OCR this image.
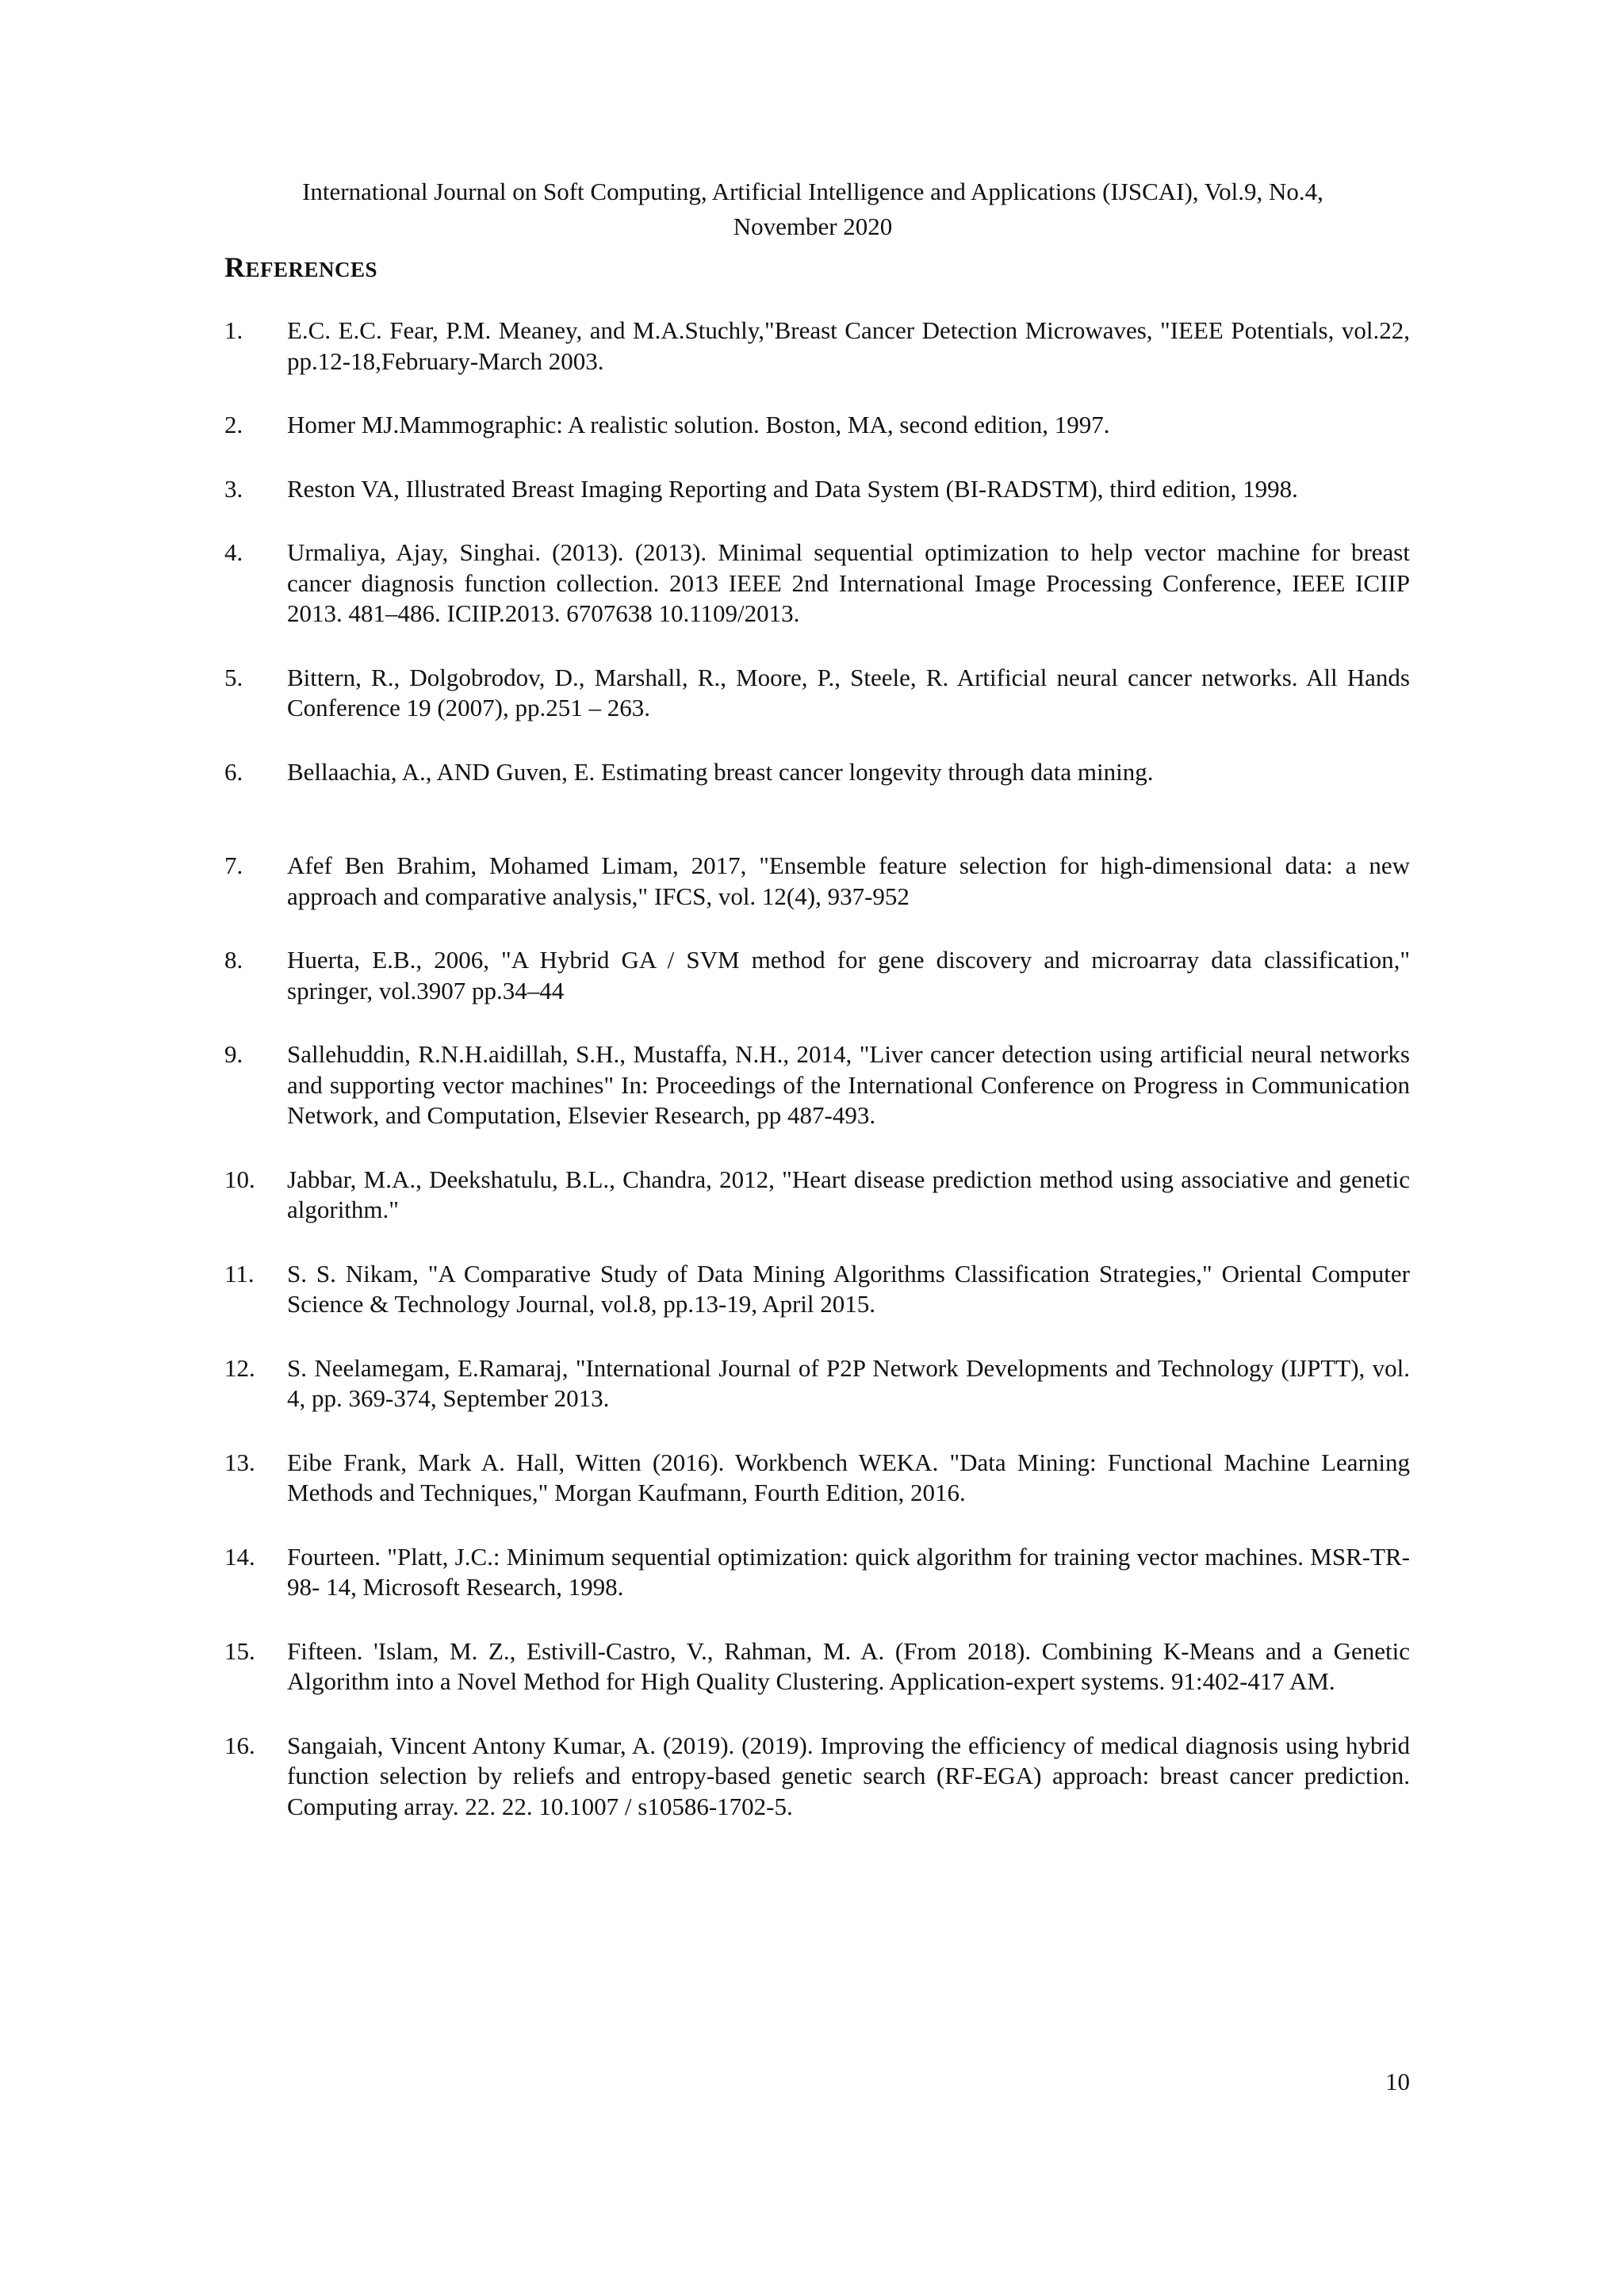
International Journal on Soft Computing, Artificial Intelligence and Applications (IJSCAI), Vol.9, No.4,
November 2020
REFERENCES
1.	E.C. E.C. Fear, P.M. Meaney, and M.A.Stuchly,"Breast Cancer Detection Microwaves, "IEEE Potentials, vol.22, pp.12-18,February-March 2003.
2.	Homer MJ.Mammographic: A realistic solution. Boston, MA, second edition, 1997.
3.	Reston VA, Illustrated Breast Imaging Reporting and Data System (BI-RADSTM), third edition, 1998.
4.	Urmaliya, Ajay, Singhai. (2013). (2013). Minimal sequential optimization to help vector machine for breast cancer diagnosis function collection. 2013 IEEE 2nd International Image Processing Conference, IEEE ICIIP 2013. 481–486. ICIIP.2013. 6707638 10.1109/2013.
5.	Bittern, R., Dolgobrodov, D., Marshall, R., Moore, P., Steele, R. Artificial neural cancer networks. All Hands Conference 19 (2007), pp.251 – 263.
6.	Bellaachia, A., AND Guven, E. Estimating breast cancer longevity through data mining.
7.	Afef Ben Brahim, Mohamed Limam, 2017, "Ensemble feature selection for high-dimensional data: a new approach and comparative analysis," IFCS, vol. 12(4), 937-952
8.	Huerta, E.B., 2006, "A Hybrid GA / SVM method for gene discovery and microarray data classification," springer, vol.3907 pp.34–44
9.	Sallehuddin, R.N.H.aidillah, S.H., Mustaffa, N.H., 2014, "Liver cancer detection using artificial neural networks and supporting vector machines" In: Proceedings of the International Conference on Progress in Communication Network, and Computation, Elsevier Research, pp 487-493.
10.	Jabbar, M.A., Deekshatulu, B.L., Chandra, 2012, "Heart disease prediction method using associative and genetic algorithm."
11.	S. S. Nikam, "A Comparative Study of Data Mining Algorithms Classification Strategies," Oriental Computer Science & Technology Journal, vol.8, pp.13-19, April 2015.
12.	S. Neelamegam, E.Ramaraj, "International Journal of P2P Network Developments and Technology (IJPTT), vol. 4, pp. 369-374, September 2013.
13.	Eibe Frank, Mark A. Hall, Witten (2016). Workbench WEKA. "Data Mining: Functional Machine Learning Methods and Techniques," Morgan Kaufmann, Fourth Edition, 2016.
14.	Fourteen. "Platt, J.C.: Minimum sequential optimization: quick algorithm for training vector machines. MSR-TR-98- 14, Microsoft Research, 1998.
15.	Fifteen. 'Islam, M. Z., Estivill-Castro, V., Rahman, M. A. (From 2018). Combining K-Means and a Genetic Algorithm into a Novel Method for High Quality Clustering. Application-expert systems. 91:402-417 AM.
16.	Sangaiah, Vincent Antony Kumar, A. (2019). (2019). Improving the efficiency of medical diagnosis using hybrid function selection by reliefs and entropy-based genetic search (RF-EGA) approach: breast cancer prediction. Computing array. 22. 22. 10.1007 / s10586-1702-5.
10
